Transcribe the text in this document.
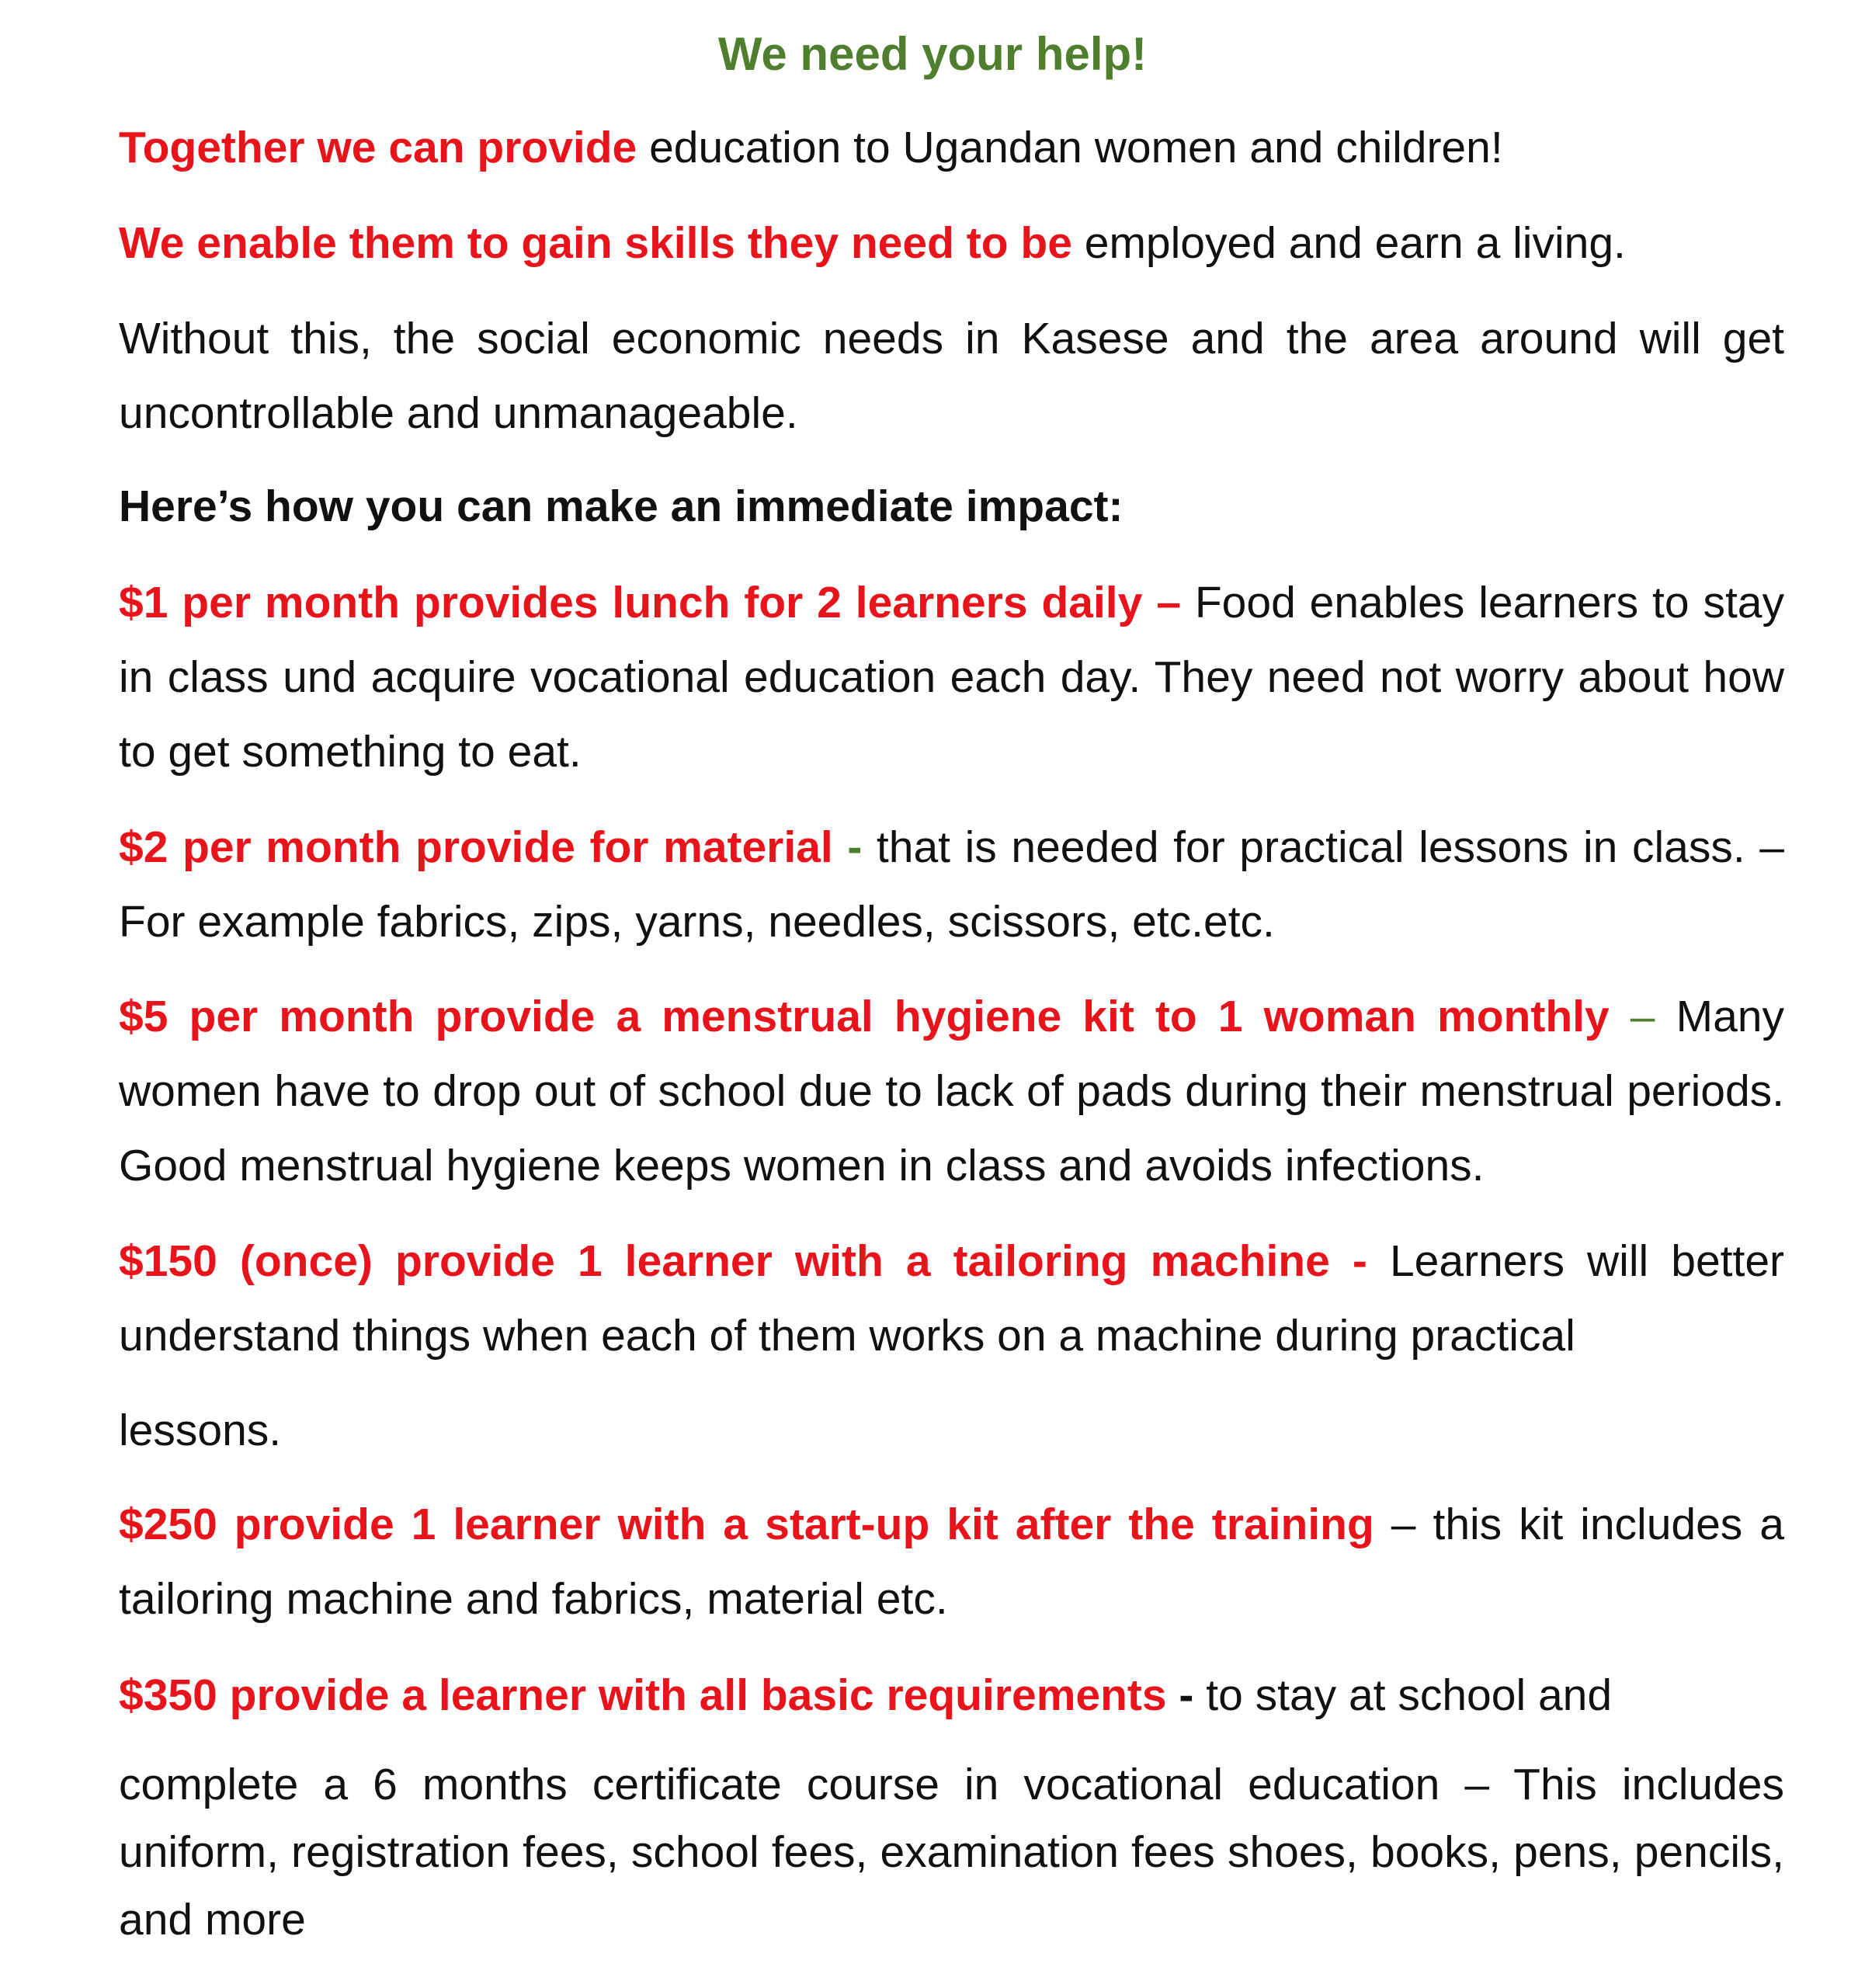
We need your help!

Together we can provide education to Ugandan women and children!

We enable them to gain skills they need to be employed and earn a living.

Without this, the social economic needs in Kasese and the area around will get uncontrollable and unmanageable.

Here’s how you can make an immediate impact:

$1 per month provides lunch for 2 learners daily – Food enables learners to stay in class und acquire vocational education each day. They need not worry about how to get something to eat.

$2 per month provide for material - that is needed for practical lessons in class. – For example fabrics, zips, yarns, needles, scissors, etc.etc.

$5 per month provide a menstrual hygiene kit to 1 woman monthly – Many women have to drop out of school due to lack of pads during their menstrual periods. Good menstrual hygiene keeps women in class and avoids infections.

$150 (once) provide 1 learner with a tailoring machine - Learners will better understand things when each of them works on a machine during practical

lessons.

$250 provide 1 learner with a start-up kit after the training – this kit includes a tailoring machine and fabrics, material etc.

$350 provide a learner with all basic requirements - to stay at school and

complete a 6 months certificate course in vocational education – This includes uniform, registration fees, school fees, examination fees shoes, books, pens, pencils, and more
